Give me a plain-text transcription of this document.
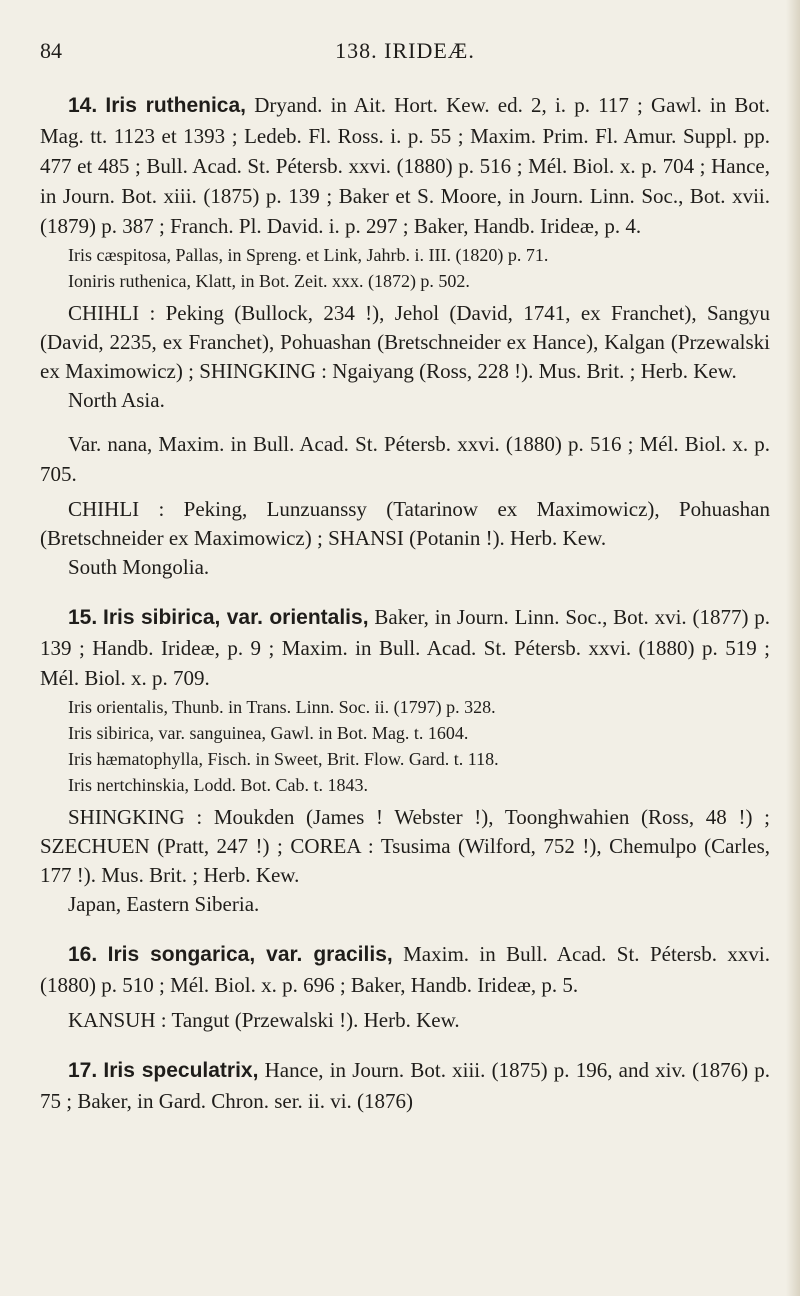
84	138. IRIDEÆ.

14. Iris ruthenica, Dryand. in Ait. Hort. Kew. ed. 2, i. p. 117 ; Gawl. in Bot. Mag. tt. 1123 et 1393 ; Ledeb. Fl. Ross. i. p. 55 ; Maxim. Prim. Fl. Amur. Suppl. pp. 477 et 485 ; Bull. Acad. St. Pétersb. xxvi. (1880) p. 516 ; Mél. Biol. x. p. 704 ; Hance, in Journ. Bot. xiii. (1875) p. 139 ; Baker et S. Moore, in Journ. Linn. Soc., Bot. xvii. (1879) p. 387 ; Franch. Pl. David. i. p. 297 ; Baker, Handb. Irideæ, p. 4.

Iris cæspitosa, Pallas, in Spreng. et Link, Jahrb. i. III. (1820) p. 71.

Ioniris ruthenica, Klatt, in Bot. Zeit. xxx. (1872) p. 502.

CHIHLI : Peking (Bullock, 234 !), Jehol (David, 1741, ex Franchet), Sangyu (David, 2235, ex Franchet), Pohuashan (Bretschneider ex Hance), Kalgan (Przewalski ex Maximowicz) ; SHINGKING : Ngaiyang (Ross, 228 !). Mus. Brit. ; Herb. Kew.

North Asia.

Var. nana, Maxim. in Bull. Acad. St. Pétersb. xxvi. (1880) p. 516 ; Mél. Biol. x. p. 705.

CHIHLI : Peking, Lunzuanssy (Tatarinow ex Maximowicz), Pohuashan (Bretschneider ex Maximowicz) ; SHANSI (Potanin !). Herb. Kew.

South Mongolia.

15. Iris sibirica, var. orientalis, Baker, in Journ. Linn. Soc., Bot. xvi. (1877) p. 139 ; Handb. Irideæ, p. 9 ; Maxim. in Bull. Acad. St. Pétersb. xxvi. (1880) p. 519 ; Mél. Biol. x. p. 709.

Iris orientalis, Thunb. in Trans. Linn. Soc. ii. (1797) p. 328.

Iris sibirica, var. sanguinea, Gawl. in Bot. Mag. t. 1604.

Iris hæmatophylla, Fisch. in Sweet, Brit. Flow. Gard. t. 118.

Iris nertchinskia, Lodd. Bot. Cab. t. 1843.

SHINGKING : Moukden (James ! Webster !), Toonghwahien (Ross, 48 !) ; SZECHUEN (Pratt, 247 !) ; COREA : Tsusima (Wilford, 752 !), Chemulpo (Carles, 177 !). Mus. Brit. ; Herb. Kew.

Japan, Eastern Siberia.

16. Iris songarica, var. gracilis, Maxim. in Bull. Acad. St. Pétersb. xxvi. (1880) p. 510 ; Mél. Biol. x. p. 696 ; Baker, Handb. Irideæ, p. 5.

KANSUH : Tangut (Przewalski !). Herb. Kew.

17. Iris speculatrix, Hance, in Journ. Bot. xiii. (1875) p. 196, and xiv. (1876) p. 75 ; Baker, in Gard. Chron. ser. ii. vi. (1876)
